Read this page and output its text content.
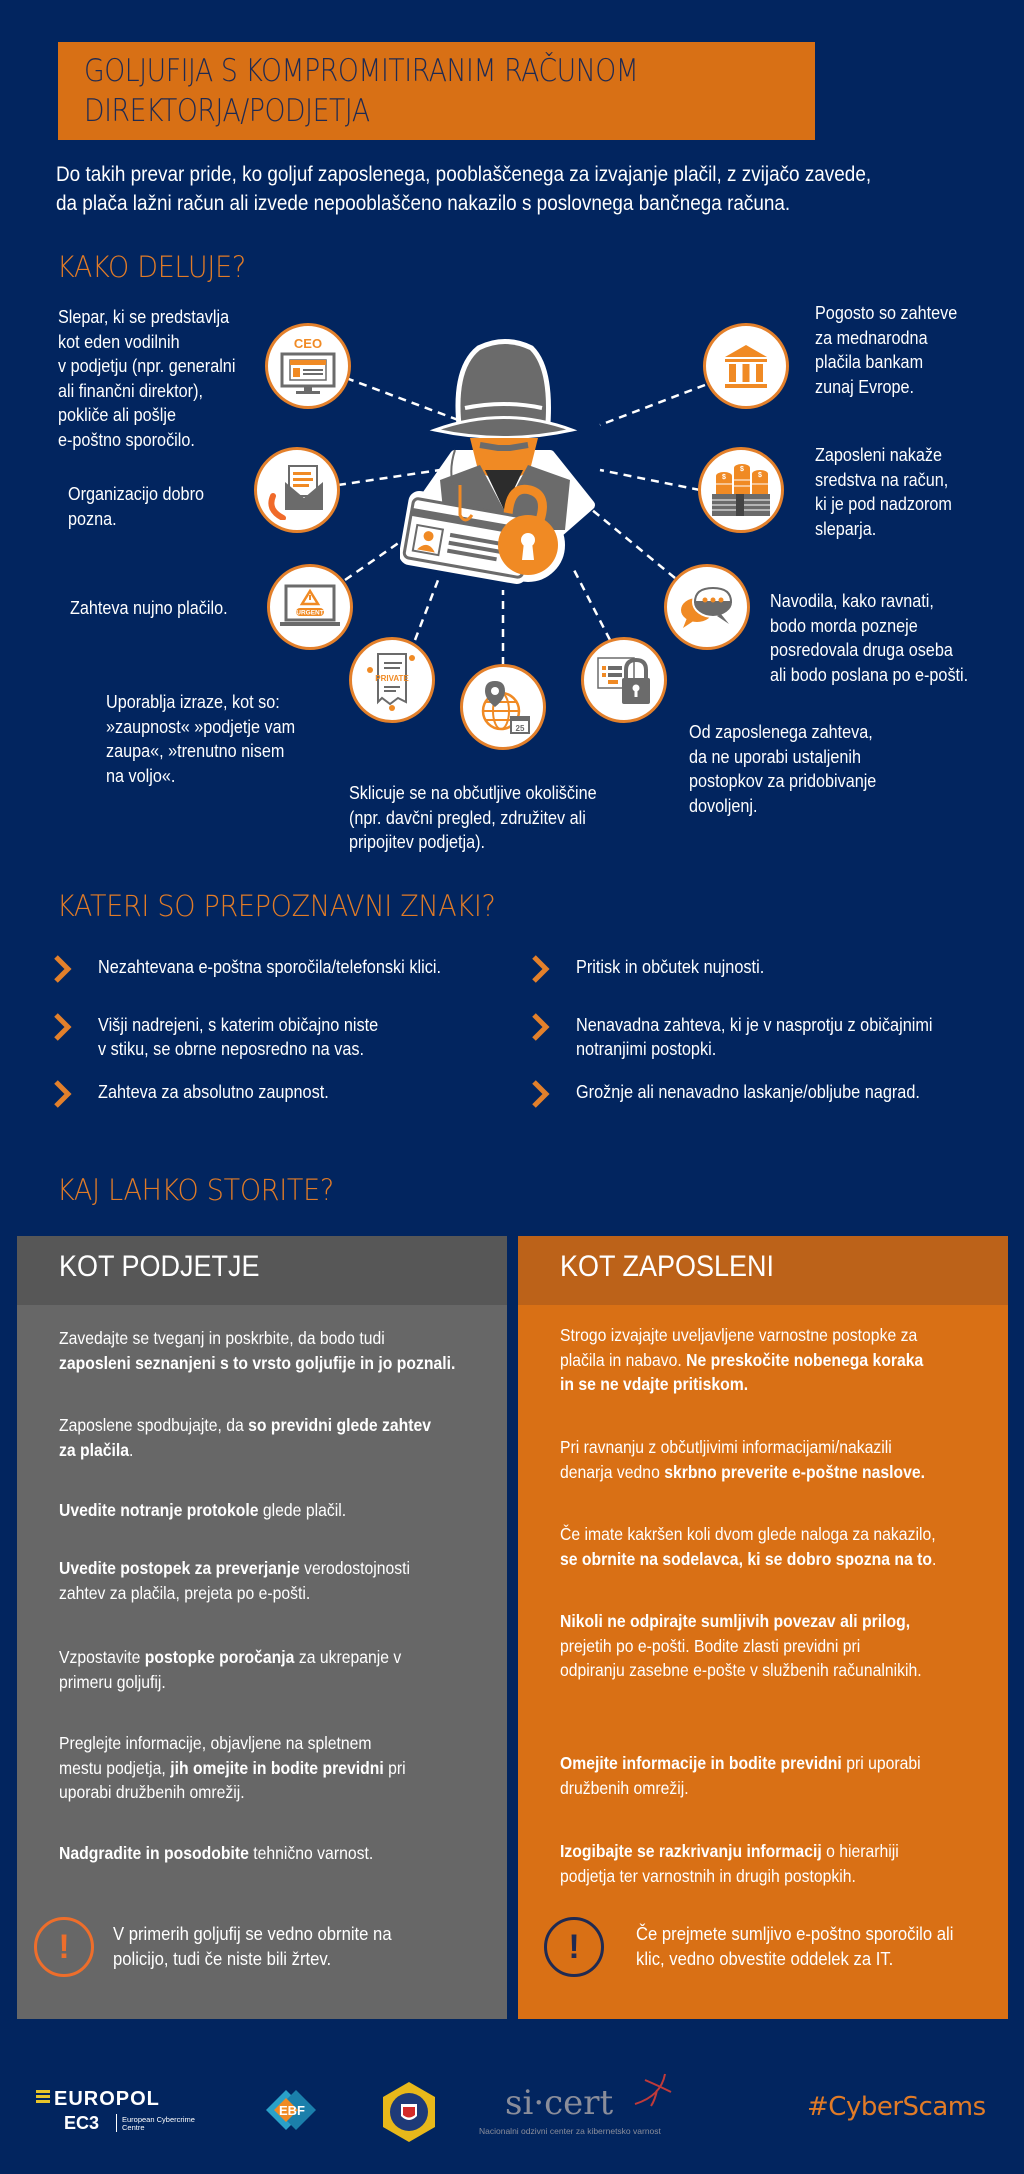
GOLJUFIJA S KOMPROMITIRANIM RAČUNOM
DIREKTORJA/PODJETJA
Do takih prevar pride, ko goljuf zaposlenega, pooblaščenega za izvajanje plačil, z zvijačo zavede,
da plača lažni račun ali izvede nepooblaščeno nakazilo s poslovnega bančnega računa.
KAKO DELUJE?
CEO
URGENT
PRIVATE
25
$
$
$
Slepar, ki se predstavlja
kot eden vodilnih
v podjetju (npr. generalni
ali finančni direktor),
pokliče ali pošlje
e-poštno sporočilo.
Organizacijo dobro
pozna.
Zahteva nujno plačilo.
Uporablja izraze, kot so:
»zaupnost« »podjetje vam
zaupa«, »trenutno nisem
na voljo«.
Sklicuje se na občutljive okoliščine
(npr. davčni pregled, združitev ali
pripojitev podjetja).
Od zaposlenega zahteva,
da ne uporabi ustaljenih
postopkov za pridobivanje
dovoljenj.
Navodila, kako ravnati,
bodo morda pozneje
posredovala druga oseba
ali bodo poslana po e-pošti.
Zaposleni nakaže
sredstva na račun,
ki je pod nadzorom
sleparja.
Pogosto so zahteve
za mednarodna
plačila bankam
zunaj Evrope.
KATERI SO PREPOZNAVNI ZNAKI?
Nezahtevana e-poštna sporočila/telefonski klici.
Višji nadrejeni, s katerim običajno niste
v stiku, se obrne neposredno na vas.
Zahteva za absolutno zaupnost.
Pritisk in občutek nujnosti.
Nenavadna zahteva, ki je v nasprotju z običajnimi
notranjimi postopki.
Grožnje ali nenavadno laskanje/obljube nagrad.
KAJ LAHKO STORITE?
KOT PODJETJE
Zavedajte se tveganj in poskrbite, da bodo tudi
zaposleni seznanjeni s to vrsto goljufije in jo poznali.
Zaposlene spodbujajte, da so previdni glede zahtev
za plačila.
Uvedite notranje protokole glede plačil.
Uvedite postopek za preverjanje verodostojnosti
zahtev za plačila, prejeta po e-pošti.
Vzpostavite postopke poročanja za ukrepanje v
primeru goljufij.
Preglejte informacije, objavljene na spletnem
mestu podjetja, jih omejite in bodite previdni pri
uporabi družbenih omrežij.
Nadgradite in posodobite tehnično varnost.
!	V primerih goljufij se vedno obrnite na
policijo, tudi če niste bili žrtev.
KOT ZAPOSLENI
Strogo izvajajte uveljavljene varnostne postopke za
plačila in nabavo. Ne preskočite nobenega koraka
in se ne vdajte pritiskom.
Pri ravnanju z občutljivimi informacijami/nakazili
denarja vedno skrbno preverite e-poštne naslove.
Če imate kakršen koli dvom glede naloga za nakazilo,
se obrnite na sodelavca, ki se dobro spozna na to.
Nikoli ne odpirajte sumljivih povezav ali prilog,
prejetih po e-pošti. Bodite zlasti previdni pri
odpiranju zasebne e-pošte v službenih računalnikih.
Omejite informacije in bodite previdni pri uporabi
družbenih omrežij.
Izogibajte se razkrivanju informacij o hierarhiji
podjetja ter varnostnih in drugih postopkih.
!	Če prejmete sumljivo e-poštno sporočilo ali
klic, vedno obvestite oddelek za IT.
EUROPOL
EC3	European Cybercrime
Centre
EBF	si·cert
Nacionalni odzivni center za kibernetsko varnost
#CyberScams
